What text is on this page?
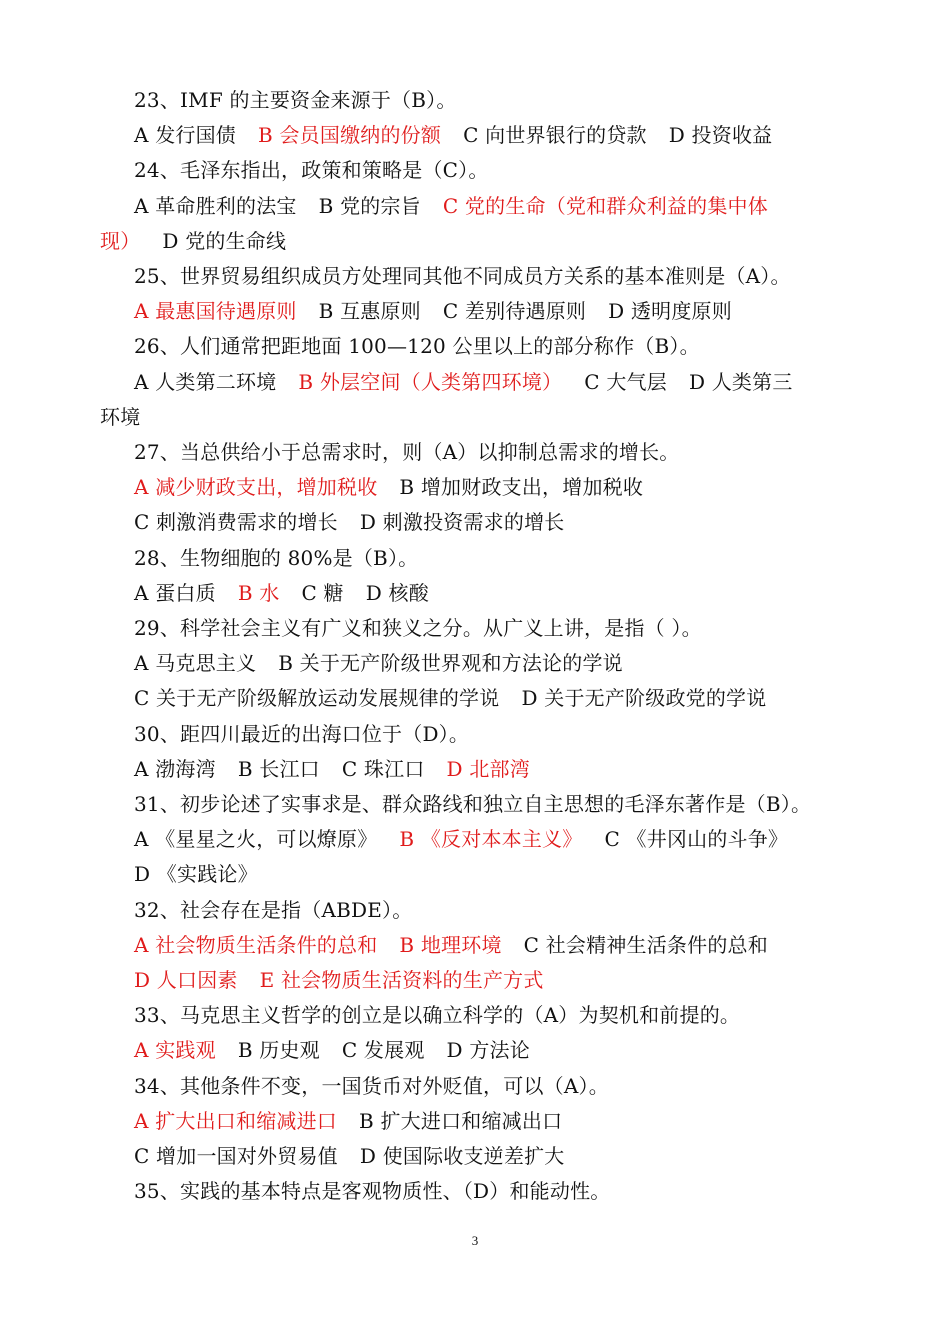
23、IMF 的主要资金来源于（B）。
A 发行国债 B 会员国缴纳的份额 C 向世界银行的贷款 D 投资收益
24、毛泽东指出，政策和策略是（C）。
A 革命胜利的法宝 B 党的宗旨 C 党的生命（党和群众利益的集中体
现） D 党的生命线
25、世界贸易组织成员方处理同其他不同成员方关系的基本准则是（A）。
A 最惠国待遇原则 B 互惠原则 C 差别待遇原则 D 透明度原则
26、人们通常把距地面 100—120 公里以上的部分称作（B）。
A 人类第二环境 B 外层空间（人类第四环境） C 大气层 D 人类第三
环境
27、当总供给小于总需求时，则（A）以抑制总需求的增长。
A 减少财政支出，增加税收 B 增加财政支出，增加税收
C 刺激消费需求的增长 D 刺激投资需求的增长
28、生物细胞的 80%是（B）。
A 蛋白质 B 水 C 糖 D 核酸
29、科学社会主义有广义和狭义之分。从广义上讲，是指（ ）。
A 马克思主义 B 关于无产阶级世界观和方法论的学说
C 关于无产阶级解放运动发展规律的学说 D 关于无产阶级政党的学说
30、距四川最近的出海口位于（D）。
A 渤海湾 B 长江口 C 珠江口 D 北部湾
31、初步论述了实事求是、群众路线和独立自主思想的毛泽东著作是（B）。
A 《星星之火，可以燎原》 B 《反对本本主义》 C 《井冈山的斗争》
D 《实践论》
32、社会存在是指（ABDE）。
A 社会物质生活条件的总和 B 地理环境 C 社会精神生活条件的总和
D 人口因素 E 社会物质生活资料的生产方式
33、马克思主义哲学的创立是以确立科学的（A）为契机和前提的。
A 实践观 B 历史观 C 发展观 D 方法论
34、其他条件不变，一国货币对外贬值，可以（A）。
A 扩大出口和缩减进口 B 扩大进口和缩减出口
C 增加一国对外贸易值 D 使国际收支逆差扩大
35、实践的基本特点是客观物质性、（D）和能动性。
3
